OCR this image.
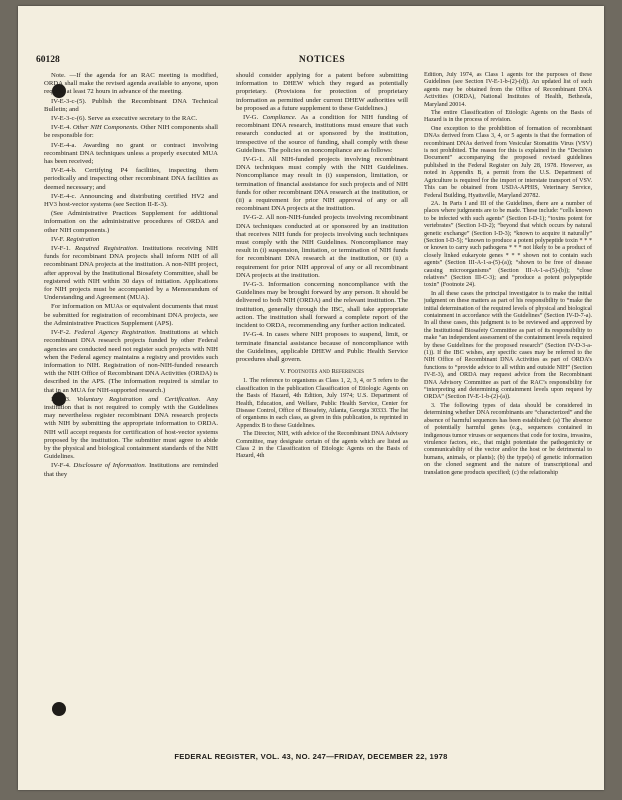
60128	NOTICES

Note. —If the agenda for an RAC meeting is modified, ORDA shall make the revised agenda available to anyone, upon request, at least 72 hours in advance of the meeting.

IV-E-3-c-(5). Publish the Recombinant DNA Technical Bulletin; and

IV-E-3-c-(6). Serve as executive secretary to the RAC.

IV-E-4. Other NIH Components. Other NIH components shall be responsible for:

IV-E-4-a. Awarding no grant or contract involving recombinant DNA techniques unless a properly executed MUA has been received;

IV-E-4-b. Certifying P4 facilities, inspecting them periodically and inspecting other recombinant DNA facilities as deemed necessary; and

IV-E-4-c. Announcing and distributing certified HV2 and HV3 host-vector systems (see Section II-E-3).

(See Administrative Practices Supplement for additional information on the administrative procedures of ORDA and other NIH components.)

IV-F. Registration

IV-F-1. Required Registration. Institutions receiving NIH funds for recombinant DNA projects shall inform NIH of all recombinant DNA projects at the institution. A non-NIH project, after approval by the Institutional Biosafety Committee, shall be registered with NIH within 30 days of initiation. Applications for NIH projects must be accompanied by a Memorandum of Understanding and Agreement (MUA).

For information on MUAs or equivalent documents that must be submitted for registration of recombinant DNA projects, see the Administrative Practices Supplement (APS).

IV-F-2. Federal Agency Registration. Institutions at which recombinant DNA research projects funded by other Federal agencies are conducted need not register such projects with NIH when the Federal agency maintains a registry and provides such information to NIH. Registration of non-NIH-funded research with the NIH Office of Recombinant DNA Activities (ORDA) is described in the APS. (The information required is similar to that in an MUA for NIH-supported research.)

IV-F-3. Voluntary Registration and Certification. Any institution that is not required to comply with the Guidelines may nevertheless register recombinant DNA research projects with NIH by submitting the appropriate information to ORDA. NIH will accept requests for certification of host-vector systems proposed by the institution. The submitter must agree to abide by the physical and biological containment standards of the NIH Guidelines.

IV-F-4. Disclosure of Information. Institutions are reminded that they

should consider applying for a patent before submitting information to DHEW which they regard as potentially proprietary. (Provisions for protection of proprietary information as permitted under current DHEW authorities will be proposed as a future supplement to these Guidelines.)

IV-G. Compliance. As a condition for NIH funding of recombinant DNA research, institutions must ensure that such research conducted at or sponsored by the institution, irrespective of the source of funding, shall comply with these Guidelines. The policies on noncompliance are as follows:

IV-G-1. All NIH-funded projects involving recombinant DNA techniques must comply with the NIH Guidelines. Noncompliance may result in (i) suspension, limitation, or termination of financial assistance for such projects and of NIH funds for other recombinant DNA research at the institution, or (ii) a requirement for prior NIH approval of any or all recombinant DNA projects at the institution.

IV-G-2. All non-NIH-funded projects involving recombinant DNA techniques conducted at or sponsored by an institution that receives NIH funds for projects involving such techniques must comply with the NIH Guidelines. Noncompliance may result in (i) suspension, limitation, or termination of NIH funds for recombinant DNA research at the institution, or (ii) a requirement for prior NIH approval of any or all recombinant DNA projects at the institution.

IV-G-3. Information concerning noncompliance with the Guidelines may be brought forward by any person. It should be delivered to both NIH (ORDA) and the relevant institution. The institution, generally through the IBC, shall take appropriate action. The institution shall forward a complete report of the incident to ORDA, recommending any further action indicated.

IV-G-4. In cases where NIH proposes to suspend, limit, or terminate financial assistance because of noncompliance with the Guidelines, applicable DHEW and Public Health Service procedures shall govern.

V. Footnotes and References

1. The reference to organisms as Class 1, 2, 3, 4, or 5 refers to the classification in the publication Classification of Etiologic Agents on the Basis of Hazard, 4th Edition, July 1974; U.S. Department of Health, Education, and Welfare, Public Health Service, Center for Disease Control, Office of Biosafety, Atlanta, Georgia 30333. The list of organisms in each class, as given in this publication, is reprinted in Appendix B to these Guidelines.

The Director, NIH, with advice of the Recombinant DNA Advisory Committee, may designate certain of the agents which are listed as Class 2 in the Classification of Etiologic Agents on the Basis of Hazard, 4th

Edition, July 1974, as Class 1 agents for the purposes of these Guidelines (see Section IV-E-1-b-(2)-(d)). An updated list of such agents may be obtained from the Office of Recombinant DNA Activities (ORDA), National Institutes of Health, Bethesda, Maryland 20014.

The entire Classification of Etiologic Agents on the Basis of Hazard is in the process of revision.

One exception to the prohibition of formation of recombinant DNAs derived from Class 3, 4, or 5 agents is that the formation of recombinant DNAs derived from Vesicular Stomatitis Virus (VSV) is not prohibited. The reason for this is explained in the “Decision Document” accompanying the proposed revised guidelines published in the Federal Register on July 28, 1978. However, as noted in Appendix B, a permit from the U.S. Department of Agriculture is required for the import or interstate transport of VSV. This can be obtained from USDA-APHIS, Veterinary Service, Federal Building, Hyattsville, Maryland 20782.

2A. In Parts I and III of the Guidelines, there are a number of places where judgments are to be made. These include: “cells known to be infected with such agents” (Section I-D-1); “toxins potent for vertebrates” (Section I-D-2); “beyond that which occurs by natural genetic exchange” (Section I-D-3); “known to acquire it naturally” (Section I-D-5); “known to produce a potent polypeptide toxin * * * or known to carry such pathogens * * * not likely to be a product of closely linked eukaryote genes * * * shown not to contain such agents” (Section III-A-1-a-(5)-(a)); “shown to be free of disease causing microorganisms” (Section III-A-1-a-(5)-(b)); “close relatives” (Section III-C-3); and “produce a potent polypeptide toxin” (Footnote 24).

In all these cases the principal investigator is to make the initial judgment on these matters as part of his responsibility to “make the initial determination of the required levels of physical and biological containment in accordance with the Guidelines” (Section IV-D-7-a). In all these cases, this judgment is to be reviewed and approved by the Institutional Biosafety Committee as part of its responsibility to make “an independent assessment of the containment levels required by these Guidelines for the proposed research” (Section IV-D-3-a-(1)). If the IBC wishes, any specific cases may be referred to the NIH Office of Recombinant DNA Activities as part of ORDA’s functions to “provide advice to all within and outside NIH” (Section IV-E-3), and ORDA may request advice from the Recombinant DNA Advisory Committee as part of the RAC’s responsibility for “interpreting and determining containment levels upon request by ORDA” (Section IV-E-1-b-(2)-(a)).

3. The following types of data should be considered in determining whether DNA recombinants are “characterized” and the absence of harmful sequences has been established: (a) The absence of potentially harmful genes (e.g., sequences contained in indigenous tumor viruses or sequences that code for toxins, invasins, virulence factors, etc., that might potentiate the pathogenicity or communicability of the vector and/or the host or be detrimental to humans, animals, or plants); (b) the type(s) of genetic information on the cloned segment and the nature of transcriptional and translation gene products specified; (c) the relationship

FEDERAL REGISTER, VOL. 43, NO. 247—FRIDAY, DECEMBER 22, 1978
